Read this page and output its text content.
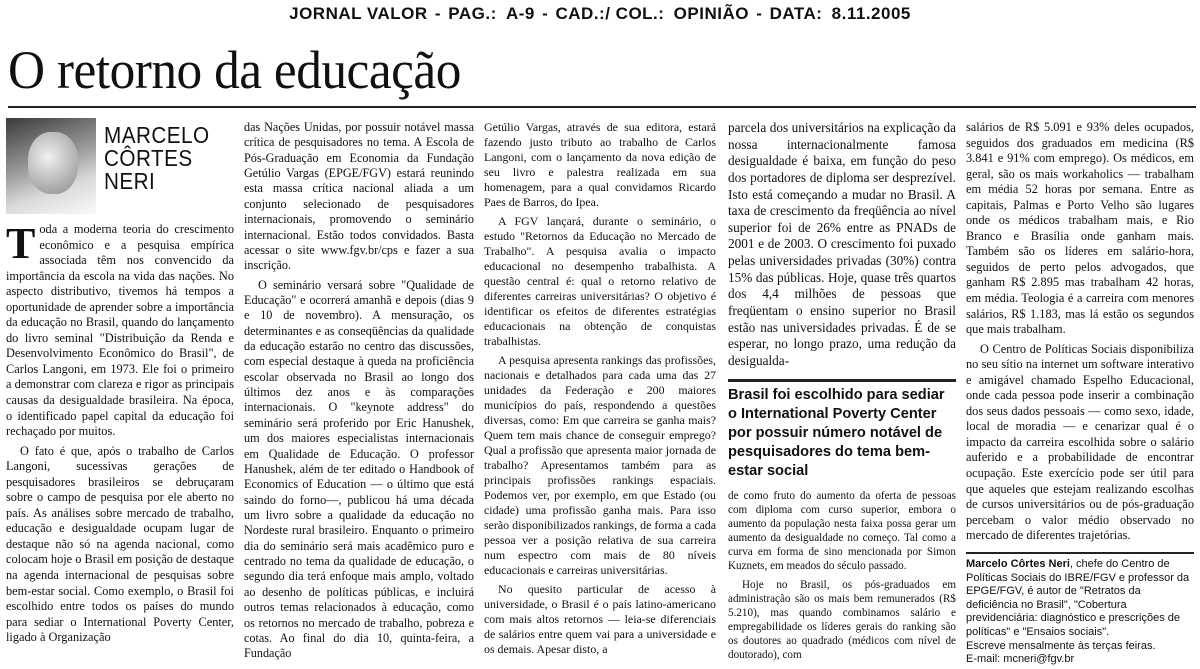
JORNAL VALOR - PAG.: A-9 - CAD.:/ COL.: OPINIÃO - DATA: 8.11.2005
O retorno da educação
MARCELO
CÔRTES
NERI

Toda a moderna teoria do crescimento econômico e a pesquisa empírica associada têm nos convencido da importância da escola na vida das nações. No aspecto distributivo, tivemos há tempos a oportunidade de aprender sobre a importância da educação no Brasil, quando do lançamento do livro seminal "Distribuição da Renda e Desenvolvimento Econômico do Brasil", de Carlos Langoni, em 1973. Ele foi o primeiro a demonstrar com clareza e rigor as principais causas da desigualdade brasileira. Na época, o identificado papel capital da educação foi rechaçado por muitos.

O fato é que, após o trabalho de Carlos Langoni, sucessivas gerações de pesquisadores brasileiros se debruçaram sobre o campo de pesquisa por ele aberto no país. As análises sobre mercado de trabalho, educação e desigualdade ocupam lugar de destaque não só na agenda nacional, como colocam hoje o Brasil em posição de destaque na agenda internacional de pesquisas sobre bem-estar social. Como exemplo, o Brasil foi escolhido entre todos os países do mundo para sediar o International Poverty Center, ligado à Organização

das Nações Unidas, por possuir notável massa crítica de pesquisadores no tema. A Escola de Pós-Graduação em Economia da Fundação Getúlio Vargas (EPGE/FGV) estará reunindo esta massa crítica nacional aliada a um conjunto selecionado de pesquisadores internacionais, promovendo o seminário internacional. Estão todos convidados. Basta acessar o site www.fgv.br/cps e fazer a sua inscrição.

O seminário versará sobre "Qualidade de Educação" e ocorrerá amanhã e depois (dias 9 e 10 de novembro). A mensuração, os determinantes e as conseqüências da qualidade da educação estarão no centro das discussões, com especial destaque à queda na proficiência escolar observada no Brasil ao longo dos últimos dez anos e às comparações internacionais. O "keynote address" do seminário será proferido por Eric Hanushek, um dos maiores especialistas internacionais em Qualidade de Educação. O professor Hanushek, além de ter editado o Handbook of Economics of Education — o último que está saindo do forno—, publicou há uma década um livro sobre a qualidade da educação no Nordeste rural brasileiro. Enquanto o primeiro dia do seminário será mais acadêmico puro e centrado no tema da qualidade de educação, o segundo dia terá enfoque mais amplo, voltado ao desenho de políticas públicas, e incluirá outros temas relacionados à educação, como os retornos no mercado de trabalho, pobreza e cotas. Ao final do dia 10, quinta-feira, a Fundação

Getúlio Vargas, através de sua editora, estará fazendo justo tributo ao trabalho de Carlos Langoni, com o lançamento da nova edição de seu livro e palestra realizada em sua homenagem, para a qual convidamos Ricardo Paes de Barros, do Ipea.

A FGV lançará, durante o seminário, o estudo "Retornos da Educação no Mercado de Trabalho". A pesquisa avalia o impacto educacional no desempenho trabalhista. A questão central é: qual o retorno relativo de diferentes carreiras universitárias? O objetivo é identificar os efeitos de diferentes estratégias educacionais na obtenção de conquistas trabalhistas.

A pesquisa apresenta rankings das profissões, nacionais e detalhados para cada uma das 27 unidades da Federação e 200 maiores municípios do país, respondendo a questões diversas, como: Em que carreira se ganha mais? Quem tem mais chance de conseguir emprego? Qual a profissão que apresenta maior jornada de trabalho? Apresentamos também para as principais profissões rankings espaciais. Podemos ver, por exemplo, em que Estado (ou cidade) uma profissão ganha mais. Para isso serão disponibilizados rankings, de forma a cada pessoa ver a posição relativa de sua carreira num espectro com mais de 80 níveis educacionais e carreiras universitárias.

No quesito particular de acesso à universidade, o Brasil é o país latino-americano com mais altos retornos — leia-se diferenciais de salários entre quem vai para a universidade e os demais. Apesar disto, a

parcela dos universitários na explicação da nossa internacionalmente famosa desigualdade é baixa, em função do peso dos portadores de diploma ser desprezível. Isto está começando a mudar no Brasil. A taxa de crescimento da freqüência ao nível superior foi de 26% entre as PNADs de 2001 e de 2003. O crescimento foi puxado pelas universidades privadas (30%) contra 15% das públicas. Hoje, quase três quartos dos 4,4 milhões de pessoas que freqüentam o ensino superior no Brasil estão nas universidades privadas. É de se esperar, no longo prazo, uma redução da desigualda-

Brasil foi escolhido para sediar o International Poverty Center por possuir número notável de pesquisadores do tema bem-estar social

de como fruto do aumento da oferta de pessoas com diploma com curso superior, embora o aumento da população nesta faixa possa gerar um aumento da desigualdade no começo. Tal como a curva em forma de sino mencionada por Simon Kuznets, em meados do século passado.

Hoje no Brasil, os pós-graduados em administração são os mais bem remunerados (R$ 5.210), mas quando combinamos salário e empregabilidade os líderes gerais do ranking são os doutores ao quadrado (médicos com nível de doutorado), com

salários de R$ 5.091 e 93% deles ocupados, seguidos dos graduados em medicina (R$ 3.841 e 91% com emprego). Os médicos, em geral, são os mais workaholics — trabalham em média 52 horas por semana. Entre as capitais, Palmas e Porto Velho são lugares onde os médicos trabalham mais, e Rio Branco e Brasília onde ganham mais. Também são os líderes em salário-hora, seguidos de perto pelos advogados, que ganham R$ 2.895 mas trabalham 42 horas, em média. Teologia é a carreira com menores salários, R$ 1.183, mas lá estão os segundos que mais trabalham.

O Centro de Políticas Sociais disponibiliza no seu sítio na internet um software interativo e amigável chamado Espelho Educacional, onde cada pessoa pode inserir a combinação dos seus dados pessoais — como sexo, idade, local de moradia — e cenarizar qual é o impacto da carreira escolhida sobre o salário auferido e a probabilidade de encontrar ocupação. Este exercício pode ser útil para que aqueles que estejam realizando escolhas de cursos universitários ou de pós-graduação percebam o valor médio observado no mercado de diferentes trajetórias.

Marcelo Côrtes Neri, chefe do Centro de Políticas Sociais do IBRE/FGV e professor da EPGE/FGV, é autor de "Retratos da deficiência no Brasil", "Cobertura previdenciária: diagnóstico e prescrições de políticas" e "Ensaios sociais".
Escreve mensalmente às terças feiras.
E-mail: mcneri@fgv.br
